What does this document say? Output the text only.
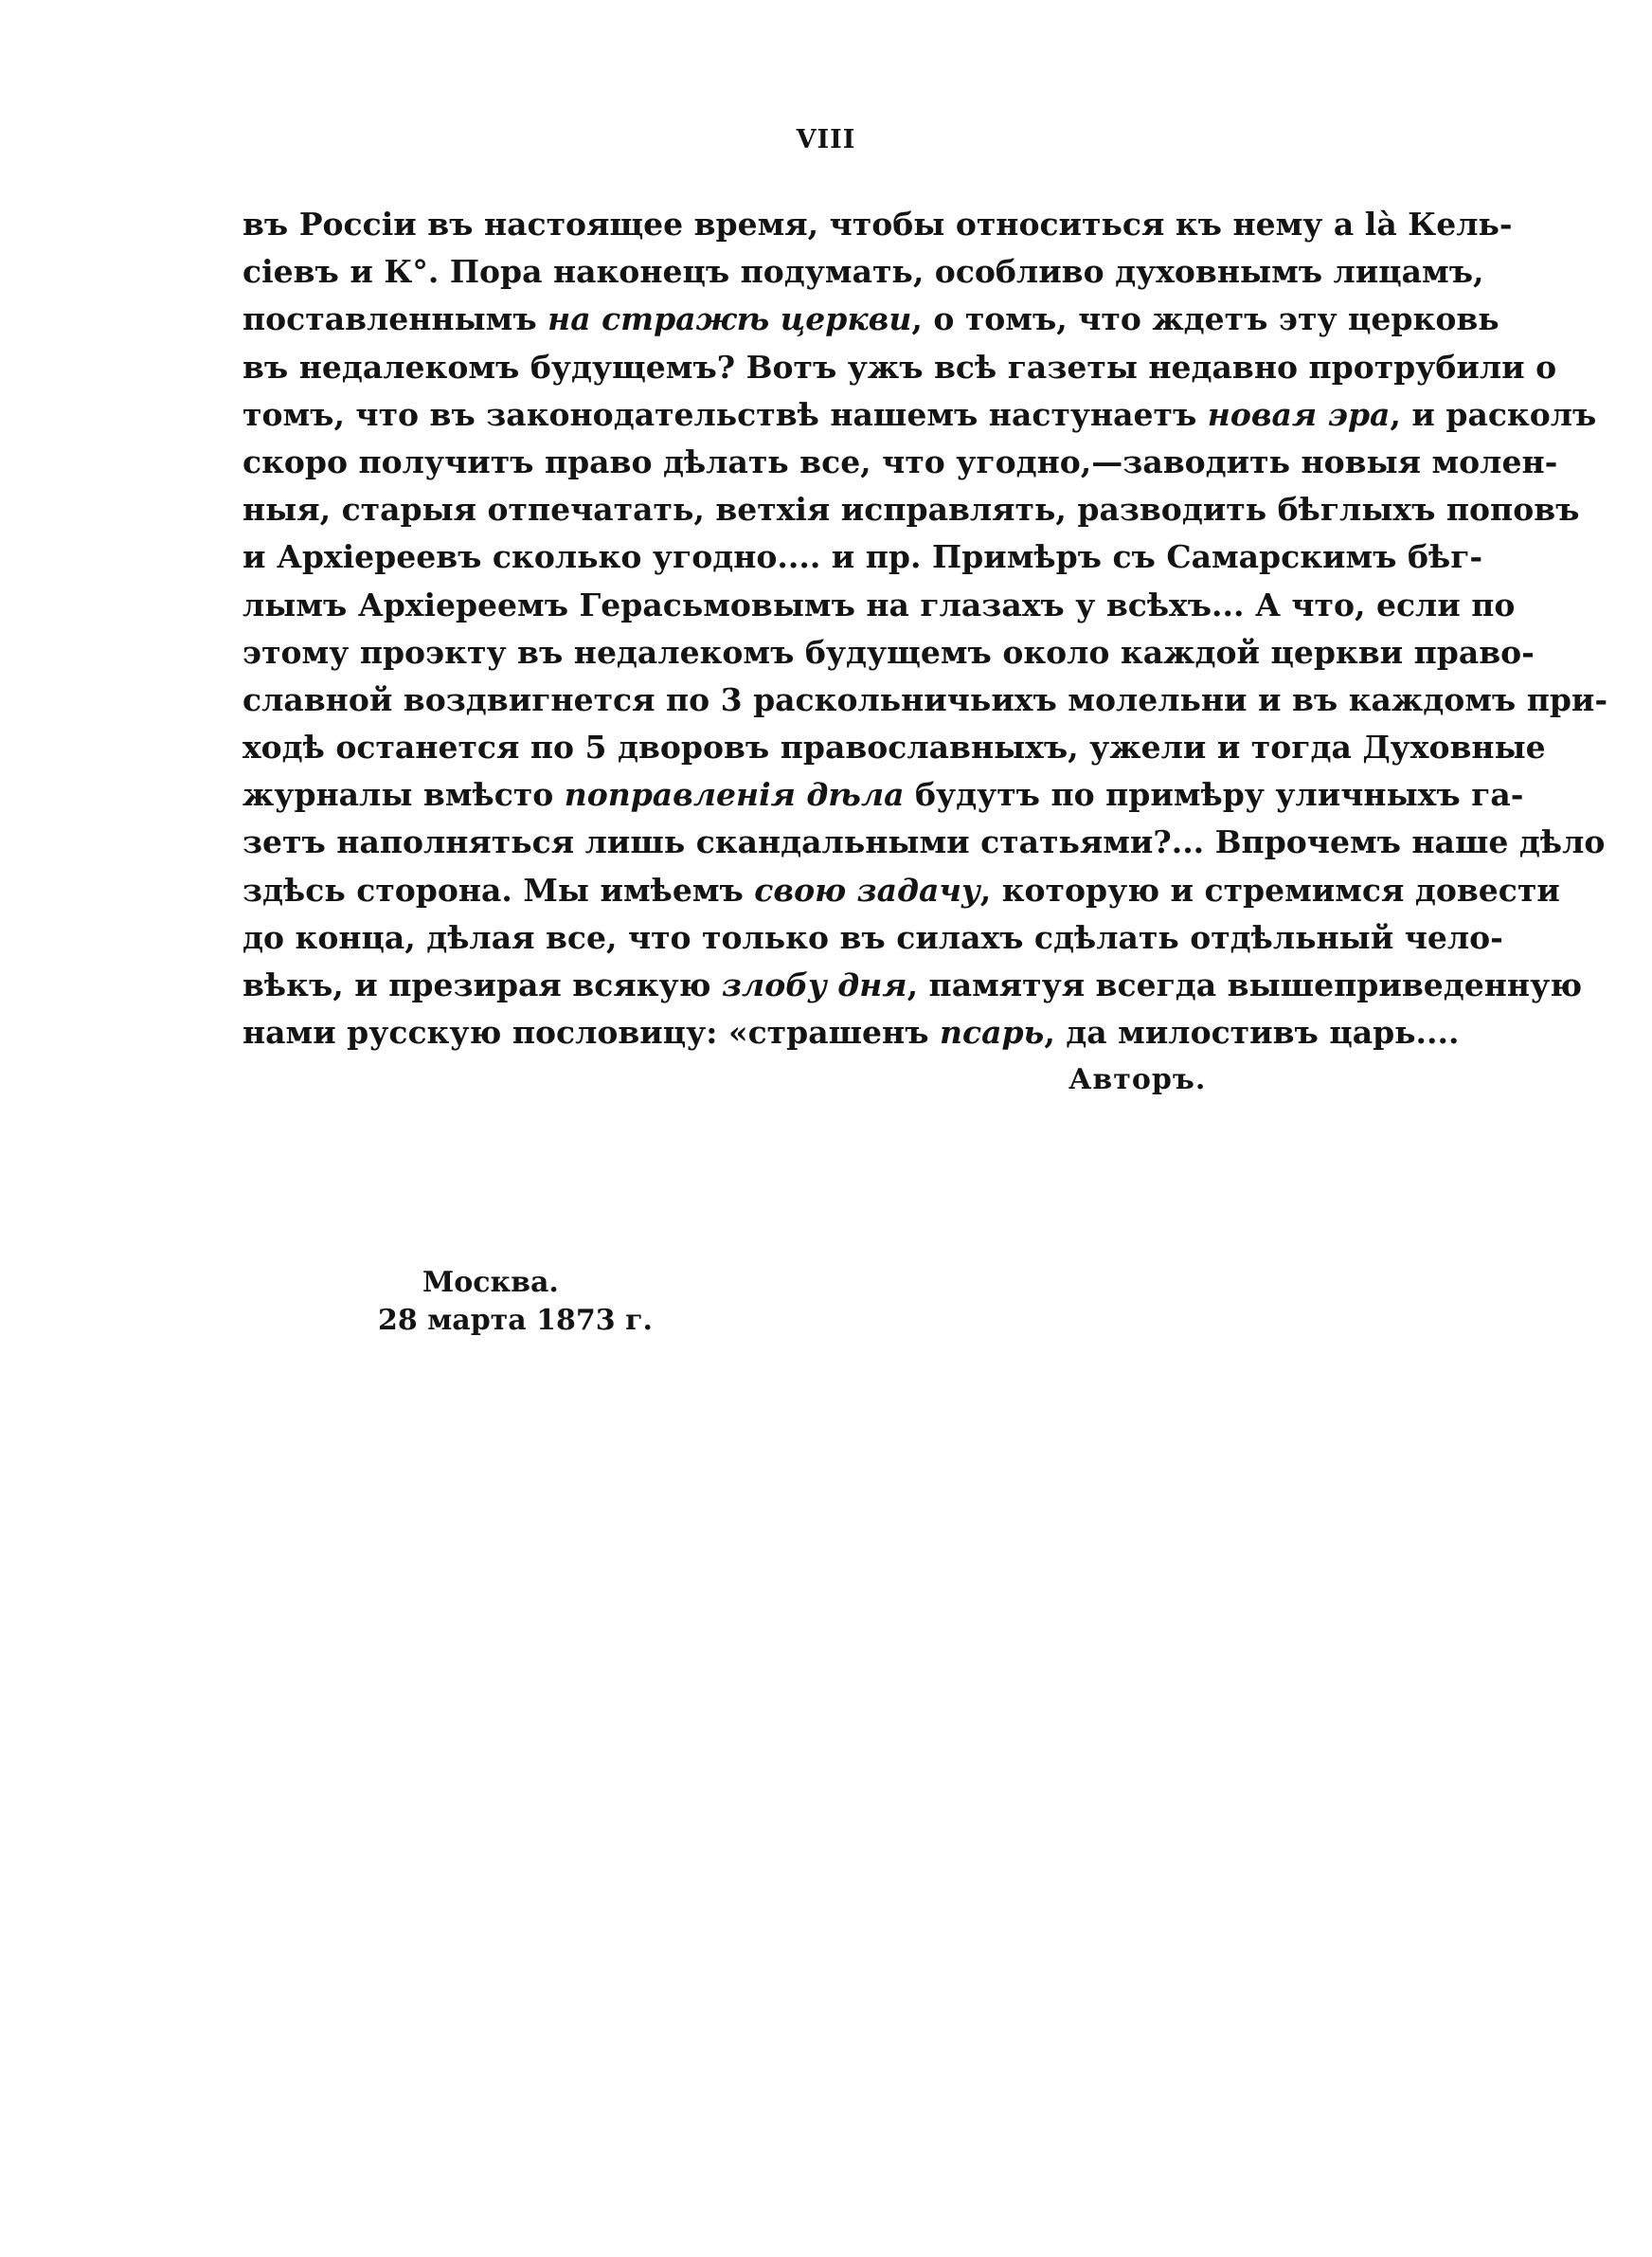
VIII
въ Россіи въ настоящее время, чтобы относиться къ нему a là Кель-
сіевъ и К°. Пора наконецъ подумать, особливо духовнымъ лицамъ,
поставленнымъ на стражѣ церкви, о томъ, что ждетъ эту церковь
въ недалекомъ будущемъ? Вотъ ужъ всѣ газеты недавно протрубили о
томъ, что въ законодательствѣ нашемъ настунаетъ новая эра, и расколъ
скоро получитъ право дѣлать все, что угодно,—заводить новыя молен-
ныя, старыя отпечатать, ветхія исправлять, разводить бѣглыхъ поповъ
и Архіереевъ сколько угодно.... и пр. Примѣръ съ Самарскимъ бѣг-
лымъ Архіереемъ Герасьмовымъ на глазахъ у всѣхъ... А что, если по
этому проэкту въ недалекомъ будущемъ около каждой церкви право-
славной воздвигнется по 3 раскольничьихъ молельни и въ каждомъ при-
ходѣ останется по 5 дворовъ православныхъ, ужели и тогда Духовные
журналы вмѣсто поправленія дѣла будутъ по примѣру уличныхъ га-
зетъ наполняться лишь скандальными статьями?... Впрочемъ наше дѣло
здѣсь сторона. Мы имѣемъ свою задачу, которую и стремимся довести
до конца, дѣлая все, что только въ силахъ сдѣлать отдѣльный чело-
вѣкъ, и презирая всякую злобу дня, памятуя всегда вышеприведенную
нами русскую пословицу: «страшенъ псарь, да милостивъ царь....
Авторъ.
Москва.
28 марта 1873 г.
